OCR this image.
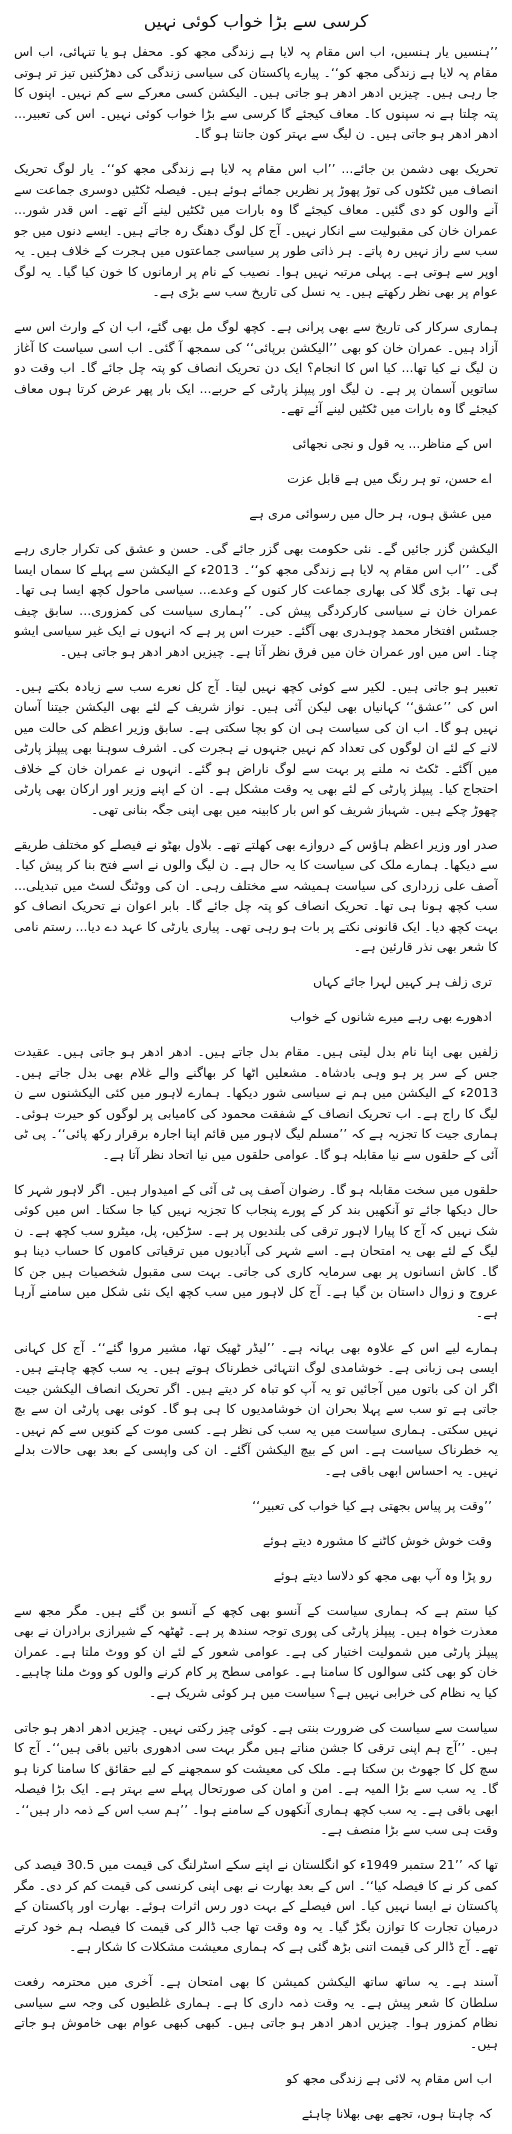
کرسی سے بڑا خواب کوئی نہیں

’’ہنسیں یار ہنسیں، اب اس مقام پہ لایا ہے زندگی مجھ کو۔ محفل ہو یا تنہائی، اب اس مقام پہ لایا ہے زندگی مجھ کو‘‘۔ پیارے پاکستان کی سیاسی زندگی کی دھڑکنیں تیز تر ہوتی جا رہی ہیں۔ چیزیں ادھر ادھر ہو جاتی ہیں۔ الیکشن کسی معرکے سے کم نہیں۔ اپنوں کا پتہ چلتا ہے نہ سپنوں کا۔ معاف کیجئے گا کرسی سے بڑا خواب کوئی نہیں۔ اس کی تعبیر... ادھر ادھر ہو جاتی ہیں۔ ن لیگ سے بہتر کون جانتا ہو گا۔

تحریک بھی دشمن بن جائے... ’’اب اس مقام پہ لایا ہے زندگی مجھ کو‘‘۔ یار لوگ تحریک انصاف میں ٹکٹوں کی توڑ پھوڑ پر نظریں جمائے ہوئے ہیں۔ فیصلہ ٹکٹیں دوسری جماعت سے آنے والوں کو دی گئیں۔ معاف کیجئے گا وہ بارات میں ٹکٹیں لینے آئے تھے۔ اس قدر شور... عمران خان کی مقبولیت سے انکار نہیں۔ آج کل لوگ دھنگ رہ جاتے ہیں۔ ایسے دنوں میں جو سب سے راز نہیں رہ پاتے۔ ہر ذاتی طور پر سیاسی جماعتوں میں ہجرت کے خلاف ہیں۔ یہ اوپر سے ہوتی ہے۔ پہلی مرتبہ نہیں ہوا۔ نصیب کے نام پر ارمانوں کا خون کیا گیا۔ یہ لوگ عوام پر بھی نظر رکھتے ہیں۔ یہ نسل کی تاریخ سب سے بڑی ہے۔

ہماری سرکار کی تاریخ سے بھی پرانی ہے۔ کچھ لوگ مل بھی گئے، اب ان کے وارث اس سے آزاد ہیں۔ عمران خان کو بھی ’’الیکشن برپائی‘‘ کی سمجھ آ گئی۔ اب اسی سیاست کا آغاز ن لیگ نے کیا تھا... کیا اس کا انجام؟ ایک دن تحریک انصاف کو پتہ چل جائے گا۔ اب وقت دو ساتویں آسمان پر ہے۔ ن لیگ اور پیپلز پارٹی کے حربے... ایک بار پھر عرض کرتا ہوں معاف کیجئے گا وہ بارات میں ٹکٹیں لینے آئے تھے۔

اس کے مناظر... یہ قول و نجی نجھائی

اے حسن، تو ہر رنگ میں ہے قابل عزت

میں عشق ہوں، ہر حال میں رسوائی مری ہے

الیکشن گزر جائیں گے۔ نئی حکومت بھی گزر جائے گی۔ حسن و عشق کی تکرار جاری رہے گی۔ ’’اب اس مقام پہ لایا ہے زندگی مجھ کو‘‘۔ 2013ء کے الیکشن سے پہلے کا سماں ایسا ہی تھا۔ بڑی گلا کی بھاری جماعت کار کنوں کے وعدے... سیاسی ماحول کچھ ایسا ہی تھا۔ عمران خان نے سیاسی کارکردگی پیش کی۔ ’’ہماری سیاست کی کمزوری... سابق چیف جسٹس افتخار محمد چوہدری بھی آگئے۔ حیرت اس پر ہے کہ انہوں نے ایک غیر سیاسی ایشو چنا۔ اس میں اور عمران خان میں فرق نظر آتا ہے۔ چیزیں ادھر ادھر ہو جاتی ہیں۔

تعبیر ہو جاتی ہیں۔ لکیر سے کوئی کچھ نہیں لیتا۔ آج کل نعرے سب سے زیادہ بکتے ہیں۔ اس کی ’’عشق‘‘ کہانیاں بھی لیکن آئی ہیں۔ نواز شریف کے لئے بھی الیکشن جیتنا آسان نہیں ہو گا۔ اب ان کی سیاست ہی ان کو بچا سکتی ہے۔ سابق وزیر اعظم کی حالت میں لانے کے لئے ان لوگوں کی تعداد کم نہیں جنہوں نے ہجرت کی۔ اشرف سوہنا بھی پیپلز پارٹی میں آگئے۔ ٹکٹ نہ ملنے پر بہت سے لوگ ناراض ہو گئے۔ انہوں نے عمران خان کے خلاف احتجاج کیا۔ پیپلز پارٹی کے لئے بھی یہ وقت مشکل ہے۔ ان کے اپنے وزیر اور ارکان بھی پارٹی چھوڑ چکے ہیں۔ شہباز شریف کو اس بار کابینہ میں بھی اپنی جگہ بنانی تھی۔

صدر اور وزیر اعظم ہاؤس کے دروازے بھی کھلتے تھے۔ بلاول بھٹو نے فیصلے کو مختلف طریقے سے دیکھا۔ ہمارے ملک کی سیاست کا یہ حال ہے۔ ن لیگ والوں نے اسے فتح بنا کر پیش کیا۔ آصف علی زرداری کی سیاست ہمیشہ سے مختلف رہی۔ ان کی ووٹنگ لسٹ میں تبدیلی... سب کچھ ہونا ہی تھا۔ تحریک انصاف کو پتہ چل جائے گا۔ بابر اعوان نے تحریک انصاف کو بہت کچھ دیا۔ ایک قانونی نکتے پر بات ہو رہی تھی۔ پیاری یارٹی کا عہد دے دیا... رستم نامی کا شعر بھی نذر قارئین ہے۔

تری زلف ہر کہیں لہرا جائے کہاں

ادھورے بھی رہے میرے شانوں کے خواب

زلفیں بھی اپنا نام بدل لیتی ہیں۔ مقام بدل جاتے ہیں۔ ادھر ادھر ہو جاتی ہیں۔ عقیدت جس کے سر پر ہو وہی بادشاہ۔ مشعلیں اٹھا کر بھاگنے والے غلام بھی بدل جاتے ہیں۔ 2013ء کے الیکشن میں ہم نے سیاسی شور دیکھا۔ ہمارے لاہور میں کئی الیکشنوں سے ن لیگ کا راج ہے۔ اب تحریک انصاف کے شفقت محمود کی کامیابی پر لوگوں کو حیرت ہوئی۔ ہماری جیت کا تجزیہ ہے کہ ’’مسلم لیگ لاہور میں قائم اپنا اجارہ برقرار رکھ پائی‘‘۔ پی ٹی آئی کے حلقوں سے نیا مقابلہ ہو گا۔ عوامی حلقوں میں نیا اتحاد نظر آتا ہے۔

حلقوں میں سخت مقابلہ ہو گا۔ رضوان آصف پی ٹی آئی کے امیدوار ہیں۔ اگر لاہور شہر کا حال دیکھا جائے تو آنکھیں بند کر کے پورے پنجاب کا تجزیہ نہیں کیا جا سکتا۔ اس میں کوئی شک نہیں کہ آج کا پیارا لاہور ترقی کی بلندیوں پر ہے۔ سڑکیں، پل، میٹرو سب کچھ ہے۔ ن لیگ کے لئے بھی یہ امتحان ہے۔ اسے شہر کی آبادیوں میں ترقیاتی کاموں کا حساب دینا ہو گا۔ کاش انسانوں پر بھی سرمایہ کاری کی جاتی۔ بہت سی مقبول شخصیات ہیں جن کا عروج و زوال داستان بن گیا ہے۔ آج کل لاہور میں سب کچھ ایک نئی شکل میں سامنے آرہا ہے۔

ہمارے لیے اس کے علاوہ بھی بہانہ ہے۔ ’’لیڈر ٹھیک تھا، مشیر مروا گئے‘‘۔ آج کل کہانی ایسی ہی زبانی ہے۔ خوشامدی لوگ انتہائی خطرناک ہوتے ہیں۔ یہ سب کچھ چاہتے ہیں۔ اگر ان کی باتوں میں آجائیں تو یہ آپ کو تباہ کر دیتے ہیں۔ اگر تحریک انصاف الیکشن جیت جاتی ہے تو سب سے پہلا بحران ان خوشامدیوں کا ہی ہو گا۔ کوئی بھی پارٹی ان سے بچ نہیں سکتی۔ ہماری سیاست میں یہ سب کی نظر ہے۔ کسی موت کے کنویں سے کم نہیں۔ یہ خطرناک سیاست ہے۔ اس کے بیچ الیکشن آگئے۔ ان کی واپسی کے بعد بھی حالات بدلے نہیں۔ یہ احساس ابھی باقی ہے۔

’’وقت پر پیاس بجھتی ہے کیا خواب کی تعبیر‘‘

وقت خوش خوش کاٹنے کا مشورہ دیتے ہوئے

رو پڑا وہ آپ بھی مجھ کو دلاسا دیتے ہوئے

کیا ستم ہے کہ ہماری سیاست کے آنسو بھی کچھ کے آنسو بن گئے ہیں۔ مگر مجھ سے معذرت خواہ ہیں۔ پیپلز پارٹی کی پوری توجہ سندھ پر ہے۔ ٹھٹھہ کے شیرازی برادران نے بھی پیپلز پارٹی میں شمولیت اختیار کی ہے۔ عوامی شعور کے لئے ان کو ووٹ ملتا ہے۔ عمران خان کو بھی کئی سوالوں کا سامنا ہے۔ عوامی سطح پر کام کرنے والوں کو ووٹ ملنا چاہیے۔ کیا یہ نظام کی خرابی نہیں ہے؟ سیاست میں ہر کوئی شریک ہے۔

سیاست سے سیاست کی ضرورت بنتی ہے۔ کوئی چیز رکتی نہیں۔ چیزیں ادھر ادھر ہو جاتی ہیں۔ ’’آج ہم اپنی ترقی کا جشن مناتے ہیں مگر بہت سی ادھوری باتیں باقی ہیں‘‘۔ آج کا سچ کل کا جھوٹ بن سکتا ہے۔ ملک کی معیشت کو سمجھنے کے لیے حقائق کا سامنا کرنا ہو گا۔ یہ سب سے بڑا المیہ ہے۔ امن و امان کی صورتحال پہلے سے بہتر ہے۔ ایک بڑا فیصلہ ابھی باقی ہے۔ یہ سب کچھ ہماری آنکھوں کے سامنے ہوا۔ ’’ہم سب اس کے ذمہ دار ہیں‘‘۔ وقت ہی سب سے بڑا منصف ہے۔

تھا کہ ’’21 ستمبر 1949ء کو انگلستان نے اپنے سکے اسٹرلنگ کی قیمت میں 30.5 فیصد کی کمی کر نے کا فیصلہ کیا‘‘۔ اس کے بعد بھارت نے بھی اپنی کرنسی کی قیمت کم کر دی۔ مگر پاکستان نے ایسا نہیں کیا۔ اس فیصلے کے بہت دور رس اثرات ہوئے۔ بھارت اور پاکستان کے درمیان تجارت کا توازن بگڑ گیا۔ یہ وہ وقت تھا جب ڈالر کی قیمت کا فیصلہ ہم خود کرتے تھے۔ آج ڈالر کی قیمت اتنی بڑھ گئی ہے کہ ہماری معیشت مشکلات کا شکار ہے۔

آسند ہے۔ یہ ساتھ ساتھ الیکشن کمیشن کا بھی امتحان ہے۔ آخری میں محترمہ رفعت سلطان کا شعر پیش ہے۔ یہ وقت ذمہ داری کا ہے۔ ہماری غلطیوں کی وجہ سے سیاسی نظام کمزور ہوا۔ چیزیں ادھر ادھر ہو جاتی ہیں۔ کبھی کبھی عوام بھی خاموش ہو جاتے ہیں۔

اب اس مقام پہ لائی ہے زندگی مجھ کو

کہ چاہتا ہوں، تجھے بھی بھلانا چاہئے
